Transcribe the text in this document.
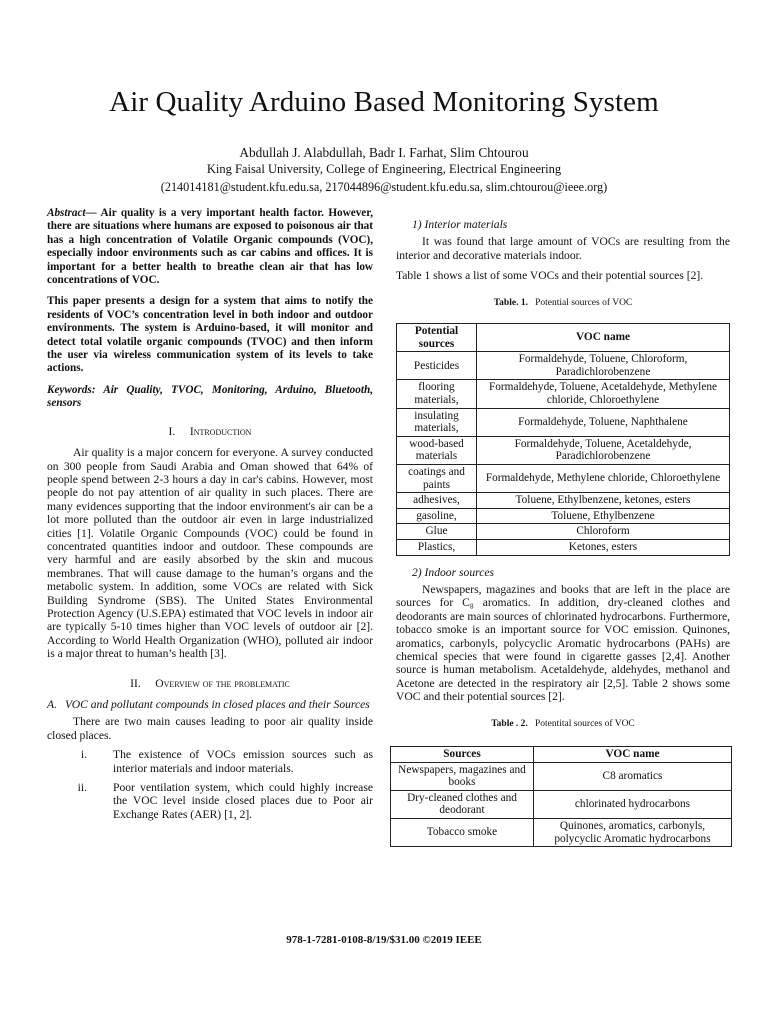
Air Quality Arduino Based Monitoring System
Abdullah J. Alabdullah, Badr I. Farhat, Slim Chtourou
King Faisal University, College of Engineering, Electrical Engineering
(214014181@student.kfu.edu.sa, 217044896@student.kfu.edu.sa, slim.chtourou@ieee.org)

Abstract— Air quality is a very important health factor. However, there are situations where humans are exposed to poisonous air that has a high concentration of Volatile Organic compounds (VOC), especially indoor environments such as car cabins and offices. It is important for a better health to breathe clean air that has low concentrations of VOC.

This paper presents a design for a system that aims to notify the residents of VOC’s concentration level in both indoor and outdoor environments. The system is Arduino-based, it will monitor and detect total volatile organic compounds (TVOC) and then inform the user via wireless communication system of its levels to take actions.

Keywords: Air Quality, TVOC, Monitoring, Arduino, Bluetooth, sensors

I. Introduction

Air quality is a major concern for everyone. A survey conducted on 300 people from Saudi Arabia and Oman showed that 64% of people spend between 2-3 hours a day in car's cabins. However, most people do not pay attention of air quality in such places. There are many evidences supporting that the indoor environment's air can be a lot more polluted than the outdoor air even in large industrialized cities [1]. Volatile Organic Compounds (VOC) could be found in concentrated quantities indoor and outdoor. These compounds are very harmful and are easily absorbed by the skin and mucous membranes. That will cause damage to the human’s organs and the metabolic system. In addition, some VOCs are related with Sick Building Syndrome (SBS). The United States Environmental Protection Agency (U.S.EPA) estimated that VOC levels in indoor air are typically 5-10 times higher than VOC levels of outdoor air [2]. According to World Health Organization (WHO), polluted air indoor is a major threat to human’s health [3].

II. Overview of the problematic
A. VOC and pollutant compounds in closed places and their Sources

There are two main causes leading to poor air quality inside closed places.

i.	The existence of VOCs emission sources such as interior materials and indoor materials.
ii.	Poor ventilation system, which could highly increase the VOC level inside closed places due to Poor air Exchange Rates (AER) [1, 2].
1) Interior materials

It was found that large amount of VOCs are resulting from the interior and decorative materials indoor.

Table 1 shows a list of some VOCs and their potential sources [2].

Table. 1. Potential sources of VOC
Potential sources	VOC name
Pesticides	Formaldehyde, Toluene, Chloroform, Paradichlorobenzene
flooring materials,	Formaldehyde, Toluene, Acetaldehyde, Methylene chloride, Chloroethylene
insulating materials,	Formaldehyde, Toluene, Naphthalene
wood-based materials	Formaldehyde, Toluene, Acetaldehyde, Paradichlorobenzene
coatings and paints	Formaldehyde, Methylene chloride, Chloroethylene
adhesives,	Toluene, Ethylbenzene, ketones, esters
gasoline,	Toluene, Ethylbenzene
Glue	Chloroform
Plastics,	Ketones, esters
2) Indoor sources

Newspapers, magazines and books that are left in the place are sources for C₈ aromatics. In addition, dry-cleaned clothes and deodorants are main sources of chlorinated hydrocarbons. Furthermore, tobacco smoke is an important source for VOC emission. Quinones, aromatics, carbonyls, polycyclic Aromatic hydrocarbons (PAHs) are chemical species that were found in cigarette gasses [2,4]. Another source is human metabolism. Acetaldehyde, aldehydes, methanol and Acetone are detected in the respiratory air [2,5]. Table 2 shows some VOC and their potential sources [2].

Table . 2. Potentital sources of VOC
Sources	VOC name
Newspapers, magazines and books	C8 aromatics
Dry-cleaned clothes and deodorant	chlorinated hydrocarbons
Tobacco smoke	Quinones, aromatics, carbonyls, polycyclic Aromatic hydrocarbons
978-1-7281-0108-8/19/$31.00 ©2019 IEEE
